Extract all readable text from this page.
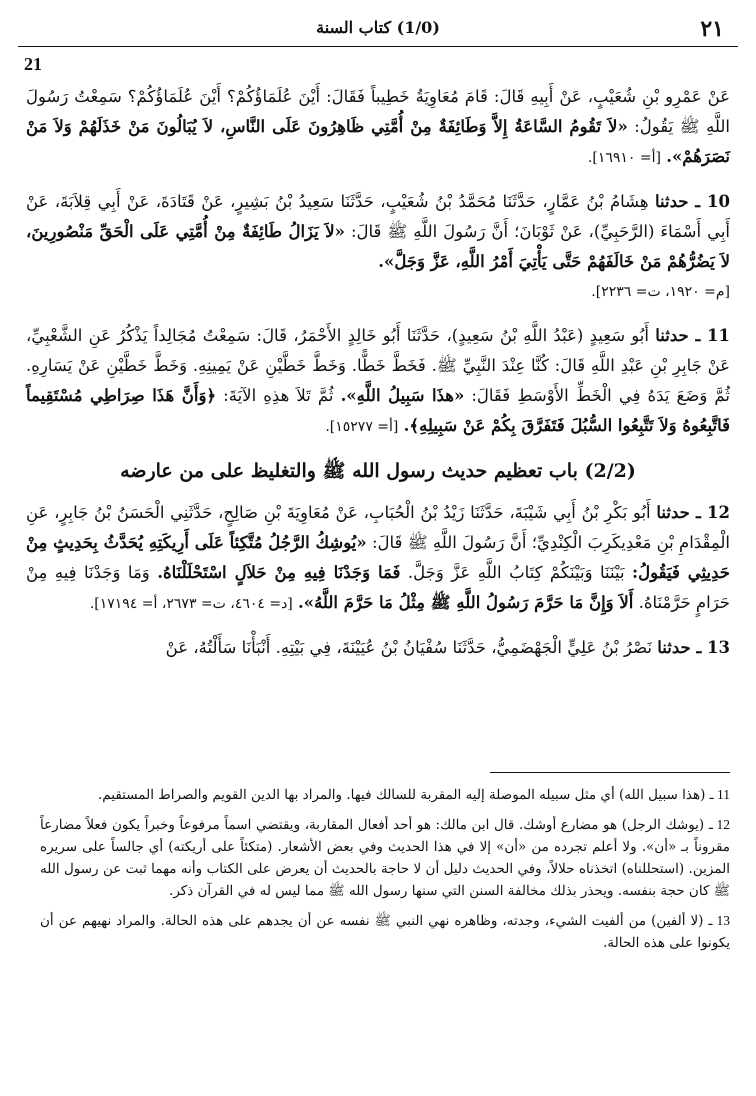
٢١
(1/0) كتاب السنة
21

عَنْ عَمْرِو بْنِ شُعَيْبٍ، عَنْ أَبِيهِ قَالَ: قَامَ مُعَاوِيَةُ خَطِيباً فَقَالَ: أَيْنَ عُلَمَاؤُكُمْ؟ أَيْنَ عُلَمَاؤُكُمْ؟ سَمِعْتُ رَسُولَ اللَّهِ ﷺ يَقُولُ: «لاَ تَقُومُ السَّاعَةُ إِلاَّ وَطَائِفَةٌ مِنْ أُمَّتِي ظَاهِرُونَ عَلَى النَّاسِ، لاَ يُبَالُونَ مَنْ خَذَلَهُمْ وَلاَ مَنْ نَصَرَهُمْ». [أ= ١٦٩١٠].

10 ـ حدثنا هِشَامُ بْنُ عَمَّارٍ، حَدَّثَنَا مُحَمَّدُ بْنُ شُعَيْبٍ، حَدَّثَنَا سَعِيدُ بْنُ بَشِيرٍ، عَنْ قَتَادَةَ، عَنْ أَبِي قِلاَبَةَ، عَنْ أَبِي أَسْمَاءَ (الرَّحَبِيِّ)، عَنْ ثَوْبَانَ؛ أَنَّ رَسُولَ اللَّهِ ﷺ قَالَ: «لاَ يَزَالُ طَائِفَةٌ مِنْ أُمَّتِي عَلَى الْحَقِّ مَنْصُورِينَ، لاَ يَضُرُّهُمْ مَنْ خَالَفَهُمْ حَتَّى يَأْتِيَ أَمْرُ اللَّهِ، عَزَّ وَجَلَّ».
[م= ١٩٢٠، ت= ٢٢٣٦].

11 ـ حدثنا أَبُو سَعِيدٍ (عَبْدُ اللَّهِ بْنُ سَعِيدٍ)، حَدَّثَنَا أَبُو خَالِدٍ الأَحْمَرُ، قَالَ: سَمِعْتُ مُجَالِداً يَذْكُرُ عَنِ الشَّعْبِيِّ، عَنْ جَابِرِ بْنِ عَبْدِ اللَّهِ قَالَ: كُنَّا عِنْدَ النَّبِيِّ ﷺ. فَخَطَّ خَطًّا. وَخَطَّ خَطَّيْنِ عَنْ يَمِينِهِ. وَخَطَّ خَطَّيْنِ عَنْ يَسَارِهِ. ثُمَّ وَضَعَ يَدَهُ فِي الْخَطِّ الأَوْسَطِ فَقَالَ: «هذَا سَبِيلُ اللَّهِ». ثُمَّ تَلاَ هذِهِ الآيَةَ: ﴿وَأَنَّ هَذَا صِرَاطِي مُسْتَقِيماً فَاتَّبِعُوهُ وَلاَ تَتَّبِعُوا السُّبُلَ فَتَفَرَّقَ بِكُمْ عَنْ سَبِيلِهِ﴾. [أ= ١٥٢٧٧].

(2/2) باب تعظيم حديث رسول الله ﷺ والتغليظ على من عارضه

12 ـ حدثنا أَبُو بَكْرِ بْنُ أَبِي شَيْبَةَ، حَدَّثَنَا زَيْدُ بْنُ الْحُبَابِ، عَنْ مُعَاوِيَةَ بْنِ صَالِحٍ، حَدَّثَنِي الْحَسَنُ بْنُ جَابِرٍ، عَنِ الْمِقْدَامِ بْنِ مَعْدِيكَرِبَ الْكِنْدِيِّ؛ أَنَّ رَسُولَ اللَّهِ ﷺ قَالَ: «يُوشِكُ الرَّجُلُ مُتَّكِئاً عَلَى أَرِيكَتِهِ يُحَدَّثُ بِحَدِيثٍ مِنْ حَدِيثِي فَيَقُولُ: بَيْنَنَا وَبَيْنَكُمْ كِتَابُ اللَّهِ عَزَّ وَجَلَّ. فَمَا وَجَدْنَا فِيهِ مِنْ حَلاَلٍ اسْتَحْلَلْنَاهُ. وَمَا وَجَدْنَا فِيهِ مِنْ حَرَامٍ حَرَّمْنَاهُ. أَلاَ وَإِنَّ مَا حَرَّمَ رَسُولُ اللَّهِ ﷺ مِثْلُ مَا حَرَّمَ اللَّهُ». [د= ٤٦٠٤، ت= ٢٦٧٣، أ= ١٧١٩٤].

13 ـ حدثنا نَصْرُ بْنُ عَلِيٍّ الْجَهْضَمِيُّ، حَدَّثَنَا سُفْيَانُ بْنُ عُيَيْنَةَ، فِي بَيْتِهِ. أَنْبَأْنَا سَأَلْتُهُ، عَنْ

11 ـ (هذا سبيل الله) أي مثل سبيله الموصلة إليه المقربة للسالك فيها. والمراد بها الدين القويم والصراط المستقيم.

12 ـ (يوشك الرجل) هو مضارع أوشك. قال ابن مالك: هو أحد أفعال المقاربة، ويقتضي اسماً مرفوعاً وخبراً يكون فعلاً مضارعاً مقروناً بـ «أن». ولا أعلم تجرده من «أن» إلا في هذا الحديث وفي بعض الأشعار. (متكئاً على أريكته) أي جالساً على سريره المزين. (استحللناه) اتخذناه حلالاً، وفي الحديث دليل أن لا حاجة بالحديث أن يعرض على الكتاب وأنه مهما ثبت عن رسول الله ﷺ كان حجة بنفسه. ويحذر بذلك مخالفة السنن التي سنها رسول الله ﷺ مما ليس له في القرآن ذكر.

13 ـ (لا ألفين) من ألفيت الشيء، وجدته، وظاهره نهي النبي ﷺ نفسه عن أن يجدهم على هذه الحالة. والمراد نهيهم عن أن يكونوا على هذه الحالة.
